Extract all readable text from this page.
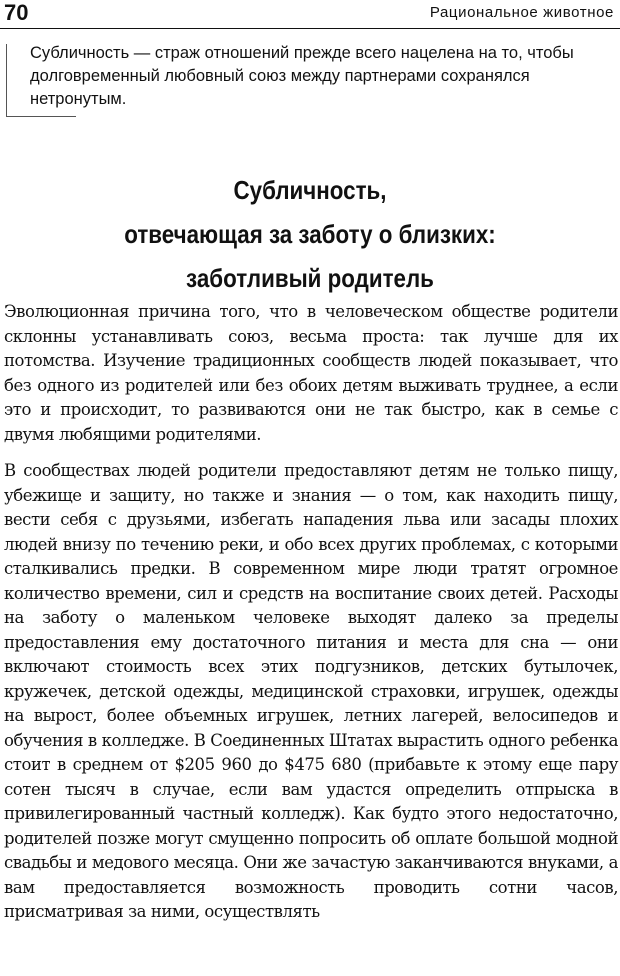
70	Рациональное животное

Субличность — страж отношений прежде всего нацелена на то, чтобы долговременный любовный союз между партнерами сохранялся нетронутым.

Субличность,
отвечающая за заботу о близких:
заботливый родитель

Эволюционная причина того, что в человеческом обществе родители склонны устанавливать союз, весьма проста: так лучше для их потомства. Изучение традиционных сообществ людей показывает, что без одного из родителей или без обоих детям выживать труднее, а если это и происходит, то развиваются они не так быстро, как в семье с двумя любящими родителями.

В сообществах людей родители предоставляют детям не только пищу, убежище и защиту, но также и знания — о том, как находить пищу, вести себя с друзьями, избегать нападения льва или засады плохих людей внизу по течению реки, и обо всех других проблемах, с которыми сталкивались предки. В современном мире люди тратят огромное количество времени, сил и средств на воспитание своих детей. Расходы на заботу о маленьком человеке выходят далеко за пределы предоставления ему достаточного питания и места для сна — они включают стоимость всех этих подгузников, детских бутылочек, кружечек, детской одежды, медицинской страховки, игрушек, одежды на вырост, более объемных игрушек, летних лагерей, велосипедов и обучения в колледже. В Соединенных Штатах вырастить одного ребенка стоит в среднем от $205 960 до $475 680 (прибавьте к этому еще пару сотен тысяч в случае, если вам удастся определить отпрыска в привилегированный частный колледж). Как будто этого недостаточно, родителей позже могут смущенно попросить об оплате большой модной свадьбы и медового месяца. Они же зачастую заканчиваются внуками, а вам предоставляется возможность проводить сотни часов, присматривая за ними, осуществлять
